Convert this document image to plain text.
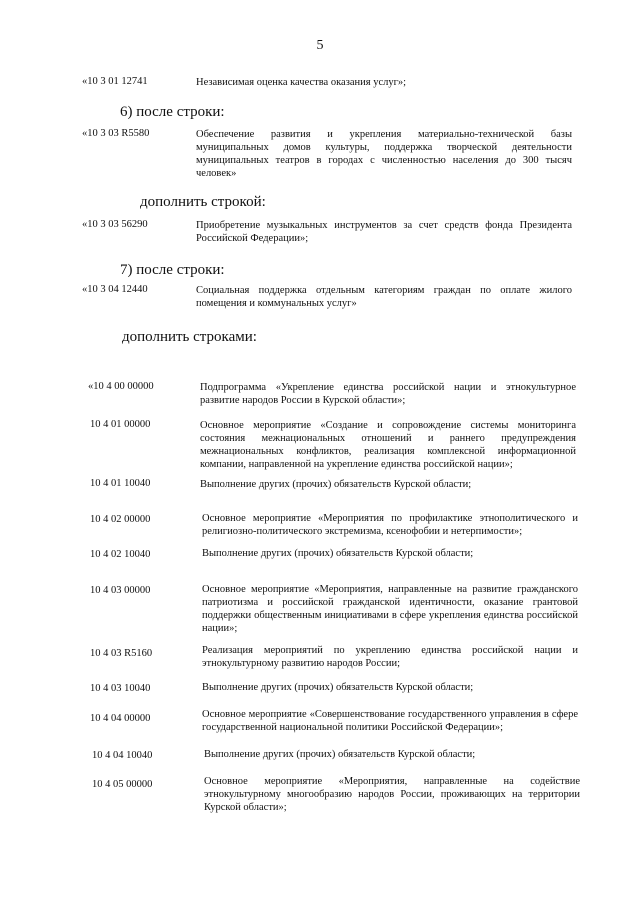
5
«10 3 01 12741	Независимая оценка качества оказания услуг»;
6) после строки:
«10 3 03 R5580	Обеспечение развития и укрепления материально-технической базы муниципальных домов культуры, поддержка творческой деятельности муниципальных театров в городах с численностью населения до 300 тысяч человек»
дополнить строкой:
«10 3 03 56290	Приобретение музыкальных инструментов за счет средств фонда Президента Российской Федерации»;
7) после строки:
«10 3 04 12440	Социальная поддержка отдельным категориям граждан по оплате жилого помещения и коммунальных услуг»
дополнить строками:
«10 4 00 00000	Подпрограмма «Укрепление единства российской нации и этнокультурное развитие народов России в Курской области»;
10 4 01 00000	Основное мероприятие «Создание и сопровождение системы мониторинга состояния межнациональных отношений и раннего предупреждения межнациональных конфликтов, реализация комплексной информационной компании, направленной на укрепление единства российской нации»;
10 4 01 10040	Выполнение других (прочих) обязательств Курской области;
10 4 02 00000	Основное мероприятие «Мероприятия по профилактике этнополитического и религиозно-политического экстремизма, ксенофобии и нетерпимости»;
10 4 02 10040	Выполнение других (прочих) обязательств Курской области;
10 4 03 00000	Основное мероприятие «Мероприятия, направленные на развитие гражданского патриотизма и российской гражданской идентичности, оказание грантовой поддержки общественным инициативами в сфере укрепления единства российской нации»;
10 4 03 R5160	Реализация мероприятий по укреплению единства российской нации и этнокультурному развитию народов России;
10 4 03 10040	Выполнение других (прочих) обязательств Курской области;
10 4 04 00000	Основное мероприятие «Совершенствование государственного управления в сфере государственной национальной политики Российской Федерации»;
10 4 04 10040	Выполнение других (прочих) обязательств Курской области;
10 4 05 00000	Основное мероприятие «Мероприятия, направленные на содействие этнокультурному многообразию народов России, проживающих на территории Курской области»;
